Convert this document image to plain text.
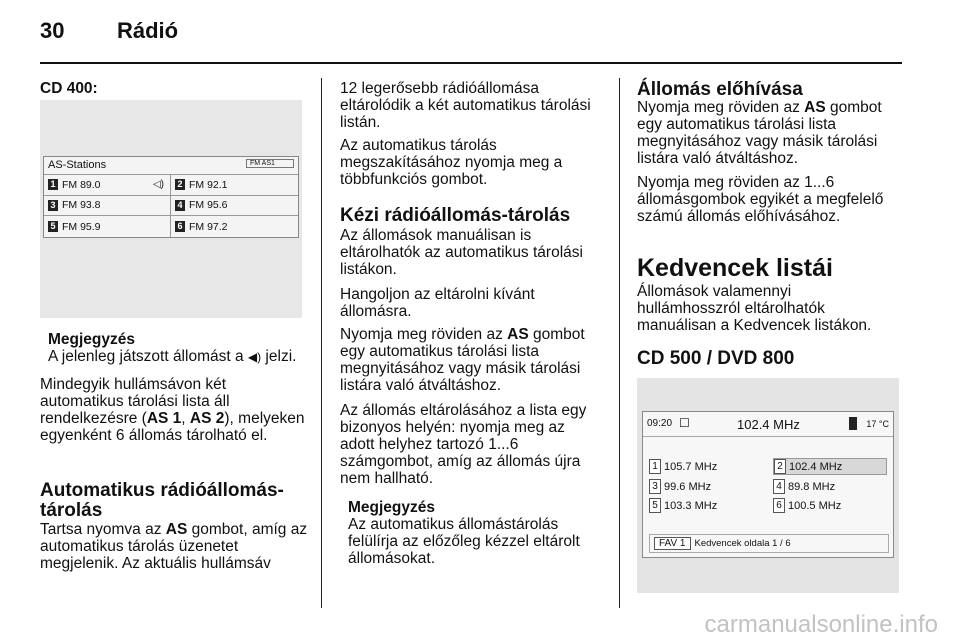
30 Rádió
CD 400:
AS-Stations	FM AS1
1 FM 89.0	◁) 2 FM 92.1
3 FM 93.8	4 FM 95.6
5 FM 95.9	6 FM 97.2
Megjegyzés

A jelenleg játszott állomást a ◀) jelzi.

Mindegyik hullámsávon két automatikus tárolási lista áll rendelkezésre (AS 1, AS 2), melyeken egyenként 6 állomás tárolható el.

Automatikus rádióállomás-
tárolás

Tartsa nyomva az AS gombot, amíg az automatikus tárolás üzenetet megjelenik. Az aktuális hullámsáv

12 legerősebb rádióállomása eltárolódik a két automatikus tárolási listán.

Az automatikus tárolás megszakításához nyomja meg a többfunkciós gombot.

Kézi rádióállomás-tárolás

Az állomások manuálisan is eltárolhatók az automatikus tárolási listákon.

Hangoljon az eltárolni kívánt állomásra.

Nyomja meg röviden az AS gombot egy automatikus tárolási lista megnyitásához vagy másik tárolási listára való átváltáshoz.

Az állomás eltárolásához a lista egy bizonyos helyén: nyomja meg az adott helyhez tartozó 1...6 számgombot, amíg az állomás újra nem hallható.

Megjegyzés

Az automatikus állomástárolás felülírja az előzőleg kézzel eltárolt állomásokat.

Állomás előhívása

Nyomja meg röviden az AS gombot egy automatikus tárolási lista megnyitásához vagy másik tárolási listára való átváltáshoz.

Nyomja meg röviden az 1...6 állomásgombok egyikét a megfelelő számú állomás előhívásához.

Kedvencek listái

Állomások valamennyi hullámhosszról eltárolhatók manuálisan a Kedvencek listákon.

CD 500 / DVD 800
09:20 ☐	102.4 MHz	17 °C
1 105.7 MHz	2 102.4 MHz
3 99.6 MHz	4 89.8 MHz
5 103.3 MHz	6 100.5 MHz
FAV 1 Kedvencek oldala 1 / 6
carmanualsonline.info
